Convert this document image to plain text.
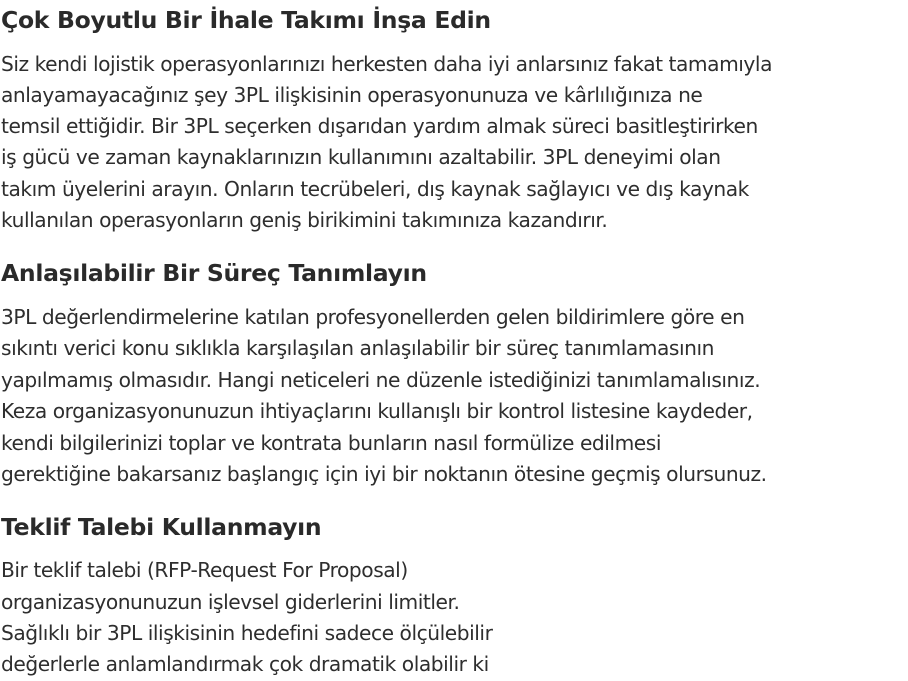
Çok Boyutlu Bir İhale Takımı İnşa Edin

Siz kendi lojistik operasyonlarınızı herkesten daha iyi anlarsınız fakat tamamıyla

anlayamayacağınız şey 3PL ilişkisinin operasyonunuza ve kârlılığınıza ne

temsil ettiğidir. Bir 3PL seçerken dışarıdan yardım almak süreci basitleştirirken

iş gücü ve zaman kaynaklarınızın kullanımını azaltabilir. 3PL deneyimi olan

takım üyelerini arayın. Onların tecrübeleri, dış kaynak sağlayıcı ve dış kaynak

kullanılan operasyonların geniş birikimini takımınıza kazandırır.

Anlaşılabilir Bir Süreç Tanımlayın

3PL değerlendirmelerine katılan profesyonellerden gelen bildirimlere göre en

sıkıntı verici konu sıklıkla karşılaşılan anlaşılabilir bir süreç tanımlamasının

yapılmamış olmasıdır. Hangi neticeleri ne düzenle istediğinizi tanımlamalısınız.

Keza organizasyonunuzun ihtiyaçlarını kullanışlı bir kontrol listesine kaydeder,

kendi bilgilerinizi toplar ve kontrata bunların nasıl formülize edilmesi

gerektiğine bakarsanız başlangıç için iyi bir noktanın ötesine geçmiş olursunuz.

Teklif Talebi Kullanmayın

Bir teklif talebi (RFP-Request For Proposal)

organizasyonunuzun işlevsel giderlerini limitler.

Sağlıklı bir 3PL ilişkisinin hedefini sadece ölçülebilir

değerlerle anlamlandırmak çok dramatik olabilir ki
